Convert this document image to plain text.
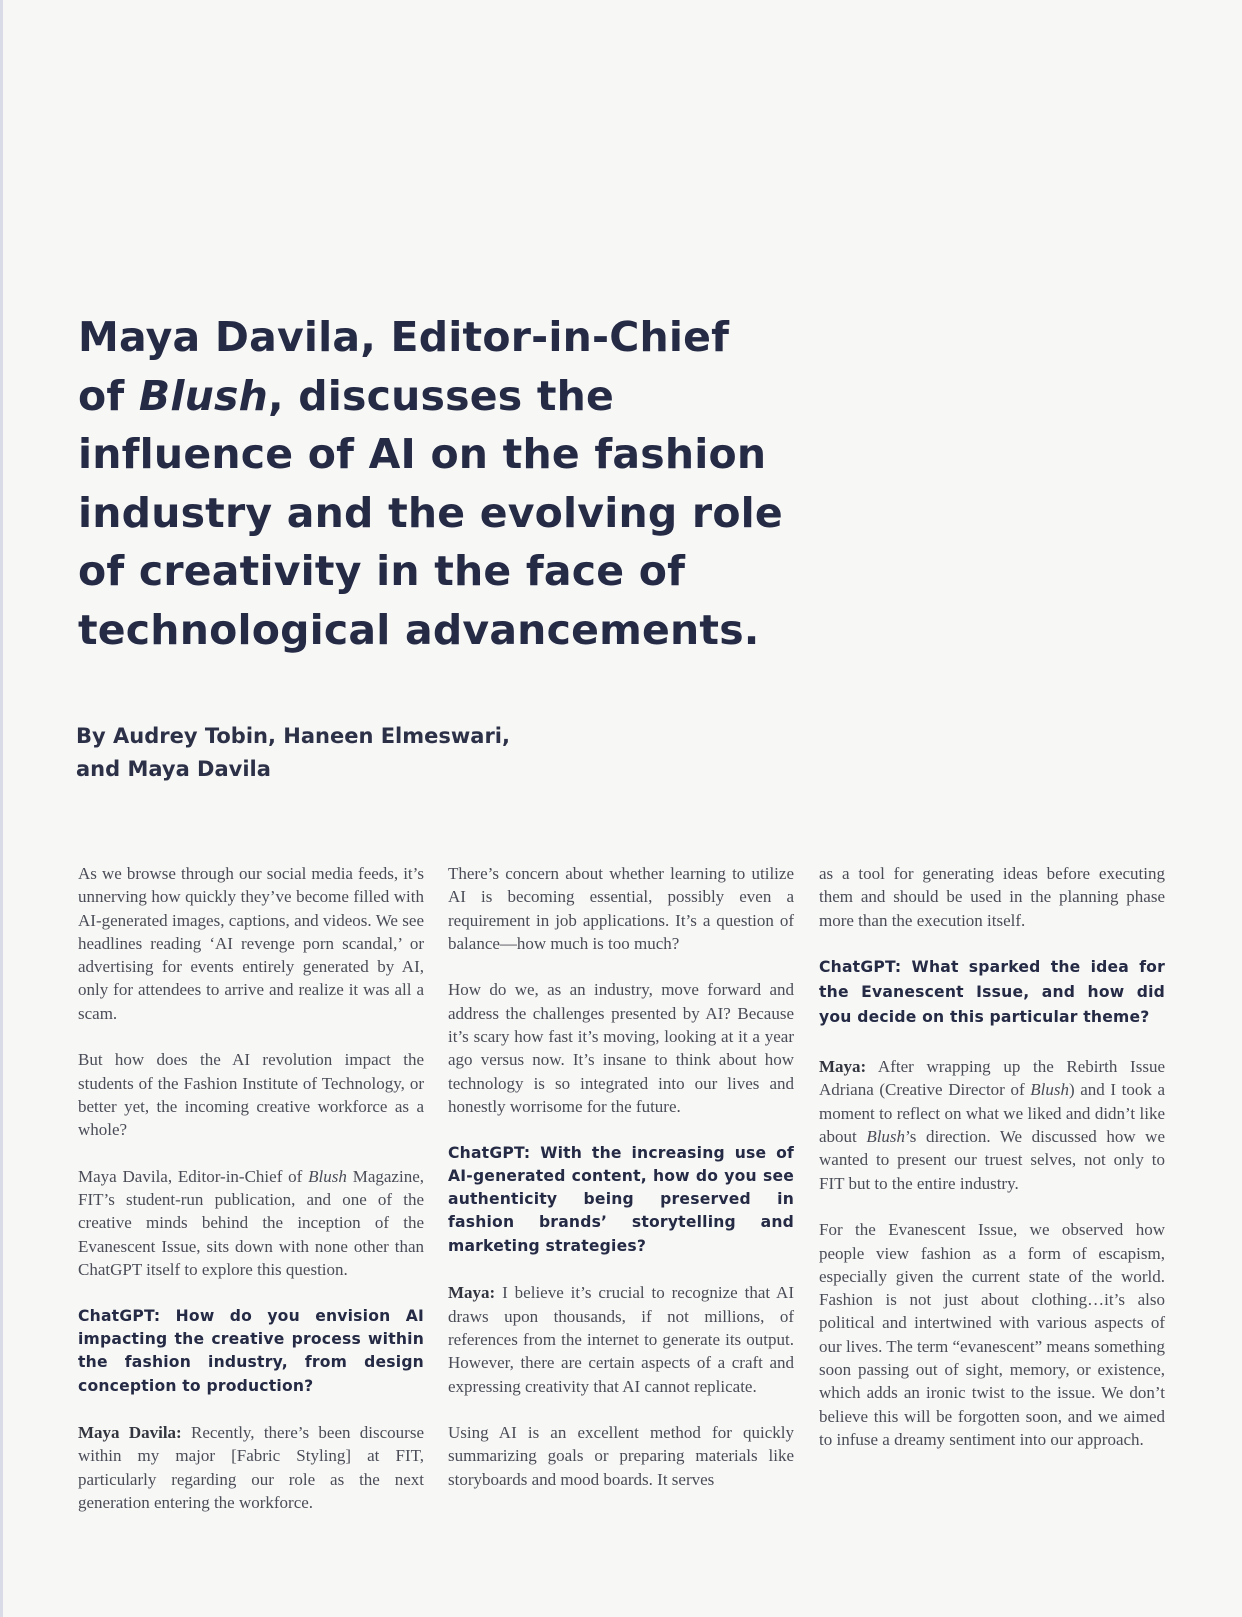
Maya Davila, Editor-in-Chief
of Blush, discusses the
influence of AI on the fashion
industry and the evolving role
of creativity in the face of
technological advancements.
By Audrey Tobin, Haneen Elmeswari,
and Maya Davila

As we browse through our social media feeds, it’s unnerving how quickly they’ve become filled with AI-generated images, captions, and videos. We see headlines reading ‘AI revenge porn scandal,’ or advertising for events entirely generated by AI, only for attendees to arrive and realize it was all a scam.

But how does the AI revolution impact the students of the Fashion Institute of Technology, or better yet, the incoming creative workforce as a whole?

Maya Davila, Editor-in-Chief of Blush Magazine, FIT’s student-run publication, and one of the creative minds behind the inception of the Evanescent Issue, sits down with none other than ChatGPT itself to explore this question.

ChatGPT: How do you envision AI impacting the creative process within the fashion industry, from design conception to production?

Maya Davila: Recently, there’s been discourse within my major [Fabric Styling] at FIT, particularly regarding our role as the next generation entering the workforce.

There’s concern about whether learning to utilize AI is becoming essential, possibly even a requirement in job applications. It’s a question of balance—how much is too much?

How do we, as an industry, move forward and address the challenges presented by AI? Because it’s scary how fast it’s moving, looking at it a year ago versus now. It’s insane to think about how technology is so integrated into our lives and honestly worrisome for the future.

ChatGPT: With the increasing use of AI-generated content, how do you see authenticity being preserved in fashion brands’ storytelling and marketing strategies?

Maya: I believe it’s crucial to recognize that AI draws upon thousands, if not millions, of references from the internet to generate its output. However, there are certain aspects of a craft and expressing creativity that AI cannot replicate.

Using AI is an excellent method for quickly summarizing goals or preparing materials like storyboards and mood boards. It serves

as a tool for generating ideas before executing them and should be used in the planning phase more than the execution itself.

ChatGPT: What sparked the idea for the Evanescent Issue, and how did you decide on this particular theme?

Maya: After wrapping up the Rebirth Issue Adriana (Creative Director of Blush) and I took a moment to reflect on what we liked and didn’t like about Blush’s direction. We discussed how we wanted to present our truest selves, not only to FIT but to the entire industry.

For the Evanescent Issue, we observed how people view fashion as a form of escapism, especially given the current state of the world. Fashion is not just about clothing…it’s also political and intertwined with various aspects of our lives. The term “evanescent” means something soon passing out of sight, memory, or existence, which adds an ironic twist to the issue. We don’t believe this will be forgotten soon, and we aimed to infuse a dreamy sentiment into our approach.
